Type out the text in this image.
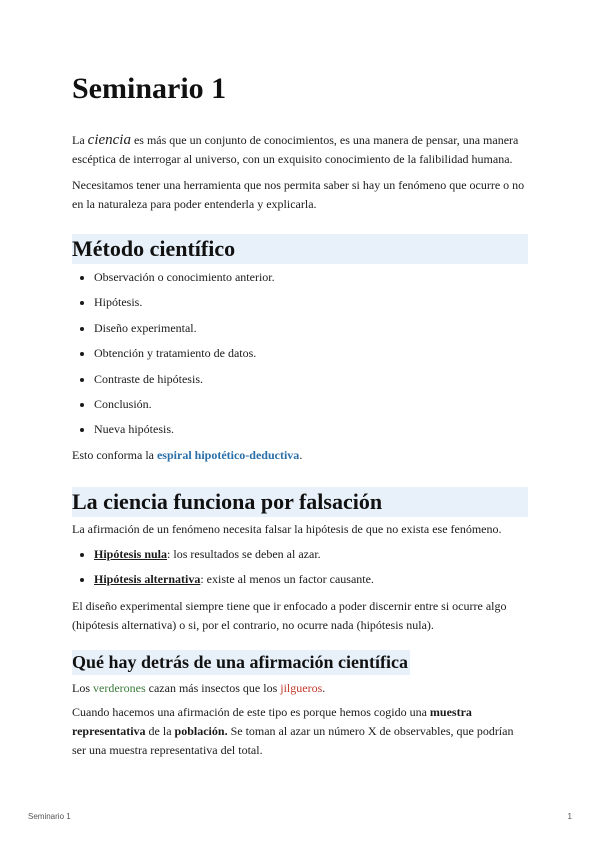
Seminario 1

La ciencia es más que un conjunto de conocimientos, es una manera de pensar, una manera escéptica de interrogar al universo, con un exquisito conocimiento de la falibilidad humana.

Necesitamos tener una herramienta que nos permita saber si hay un fenómeno que ocurre o no en la naturaleza para poder entenderla y explicarla.

Método científico
• Observación o conocimiento anterior.
• Hipótesis.
• Diseño experimental.
• Obtención y tratamiento de datos.
• Contraste de hipótesis.
• Conclusión.
• Nueva hipótesis.

Esto conforma la espiral hipotético-deductiva.

La ciencia funciona por falsación

La afirmación de un fenómeno necesita falsar la hipótesis de que no exista ese fenómeno.

• Hipótesis nula: los resultados se deben al azar.
• Hipótesis alternativa: existe al menos un factor causante.

El diseño experimental siempre tiene que ir enfocado a poder discernir entre si ocurre algo (hipótesis alternativa) o si, por el contrario, no ocurre nada (hipótesis nula).

Qué hay detrás de una afirmación científica

Los verderones cazan más insectos que los jilgueros.

Cuando hacemos una afirmación de este tipo es porque hemos cogido una muestra representativa de la población. Se toman al azar un número X de observables, que podrían ser una muestra representativa del total.

Seminario 1	1
